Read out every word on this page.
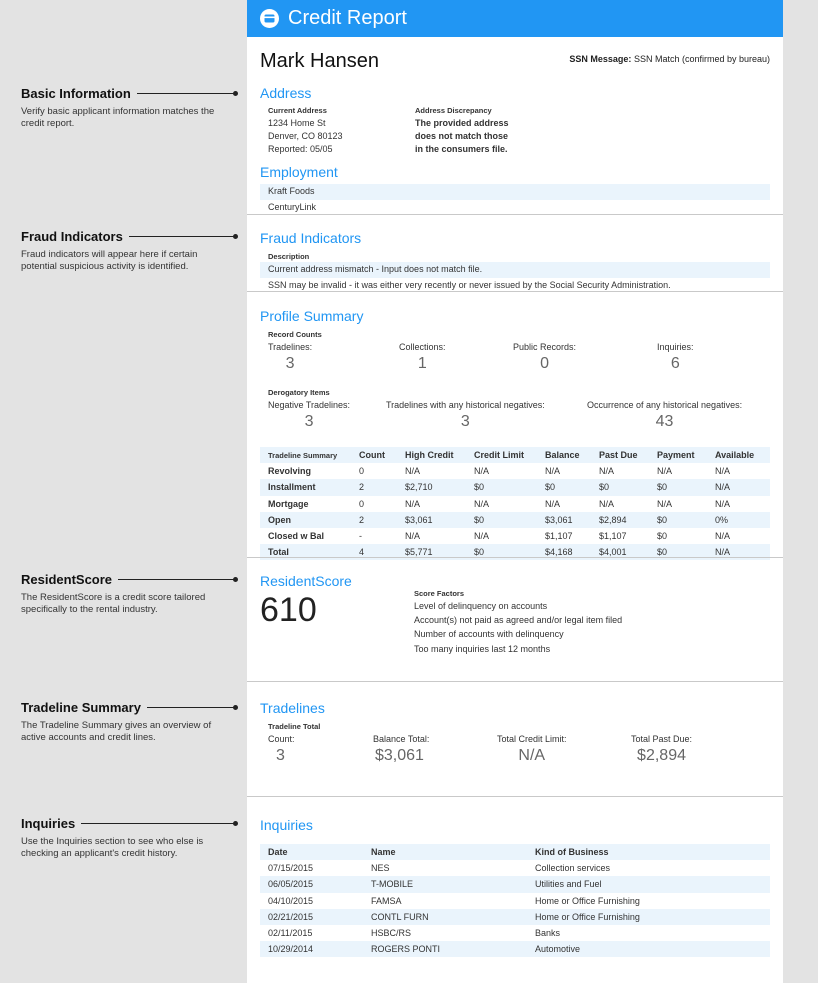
Basic Information
Verify basic applicant information matches the credit report.
Fraud Indicators
Fraud indicators will appear here if certain potential suspicious activity is identified.
ResidentScore
The ResidentScore is a credit score tailored specifically to the rental industry.
Tradeline Summary
The Tradeline Summary gives an overview of active accounts and credit lines.
Inquiries
Use the Inquiries section to see who else is checking an applicant's credit history.
Credit Report
Mark Hansen	SSN Message: SSN Match (confirmed by bureau)
Address
Current Address
1234 Home St
Denver, CO 80123
Reported: 05/05
Address Discrepancy
The provided address
does not match those
in the consumers file.
Employment
Kraft Foods
CenturyLink
Fraud Indicators
Description
Current address mismatch - Input does not match file.
SSN may be invalid - it was either very recently or never issued by the Social Security Administration.
Profile Summary
Record Counts
Tradelines:
3
Collections:
1
Public Records:
0
Inquiries:
6
Derogatory Items
Negative Tradelines:
3
Tradelines with any historical negatives:
3
Occurrence of any historical negatives:
43
Tradeline Summary	Count	High Credit	Credit Limit	Balance	Past Due	Payment	Available
Revolving	0	N/A	N/A	N/A	N/A	N/A	N/A
Installment	2	$2,710	$0	$0	$0	$0	N/A
Mortgage	0	N/A	N/A	N/A	N/A	N/A	N/A
Open	2	$3,061	$0	$3,061	$2,894	$0	0%
Closed w Bal	-	N/A	N/A	$1,107	$1,107	$0	N/A
Total	4	$5,771	$0	$4,168	$4,001	$0	N/A
ResidentScore
610	Score Factors
Level of delinquency on accounts
Account(s) not paid as agreed and/or legal item filed
Number of accounts with delinquency
Too many inquiries last 12 months
Tradelines
Tradeline Total
Count:
3
Balance Total:
$3,061
Total Credit Limit:
N/A
Total Past Due:
$2,894
Inquiries
Date	Name	Kind of Business
07/15/2015	NES	Collection services
06/05/2015	T-MOBILE	Utilities and Fuel
04/10/2015	FAMSA	Home or Office Furnishing
02/21/2015	CONTL FURN	Home or Office Furnishing
02/11/2015	HSBC/RS	Banks
10/29/2014	ROGERS PONTI	Automotive
